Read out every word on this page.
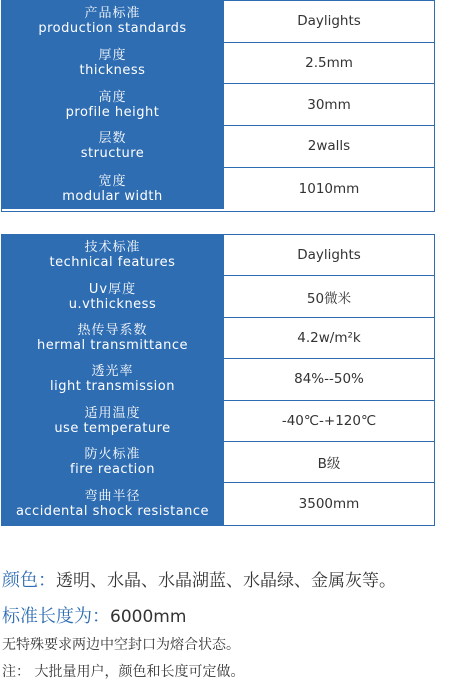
产品标准
production standards	Daylights
厚度
thickness	2.5mm
高度
profile height	30mm
层数
structure	2walls
宽度
modular width	1010mm
技术标准
technical features	Daylights
Uv厚度
u.vthickness	50微米
热传导系数
hermal transmittance	4.2w/m²k
透光率
light transmission	84%--50%
适用温度
use temperature	-40℃-+120℃
防火标准
fire reaction	B级
弯曲半径
accidental shock resistance	3500mm
颜色：透明、水晶、水晶湖蓝、水晶绿、金属灰等。
标准长度为：6000mm
无特殊要求两边中空封口为熔合状态。
注： 大批量用户，颜色和长度可定做。
